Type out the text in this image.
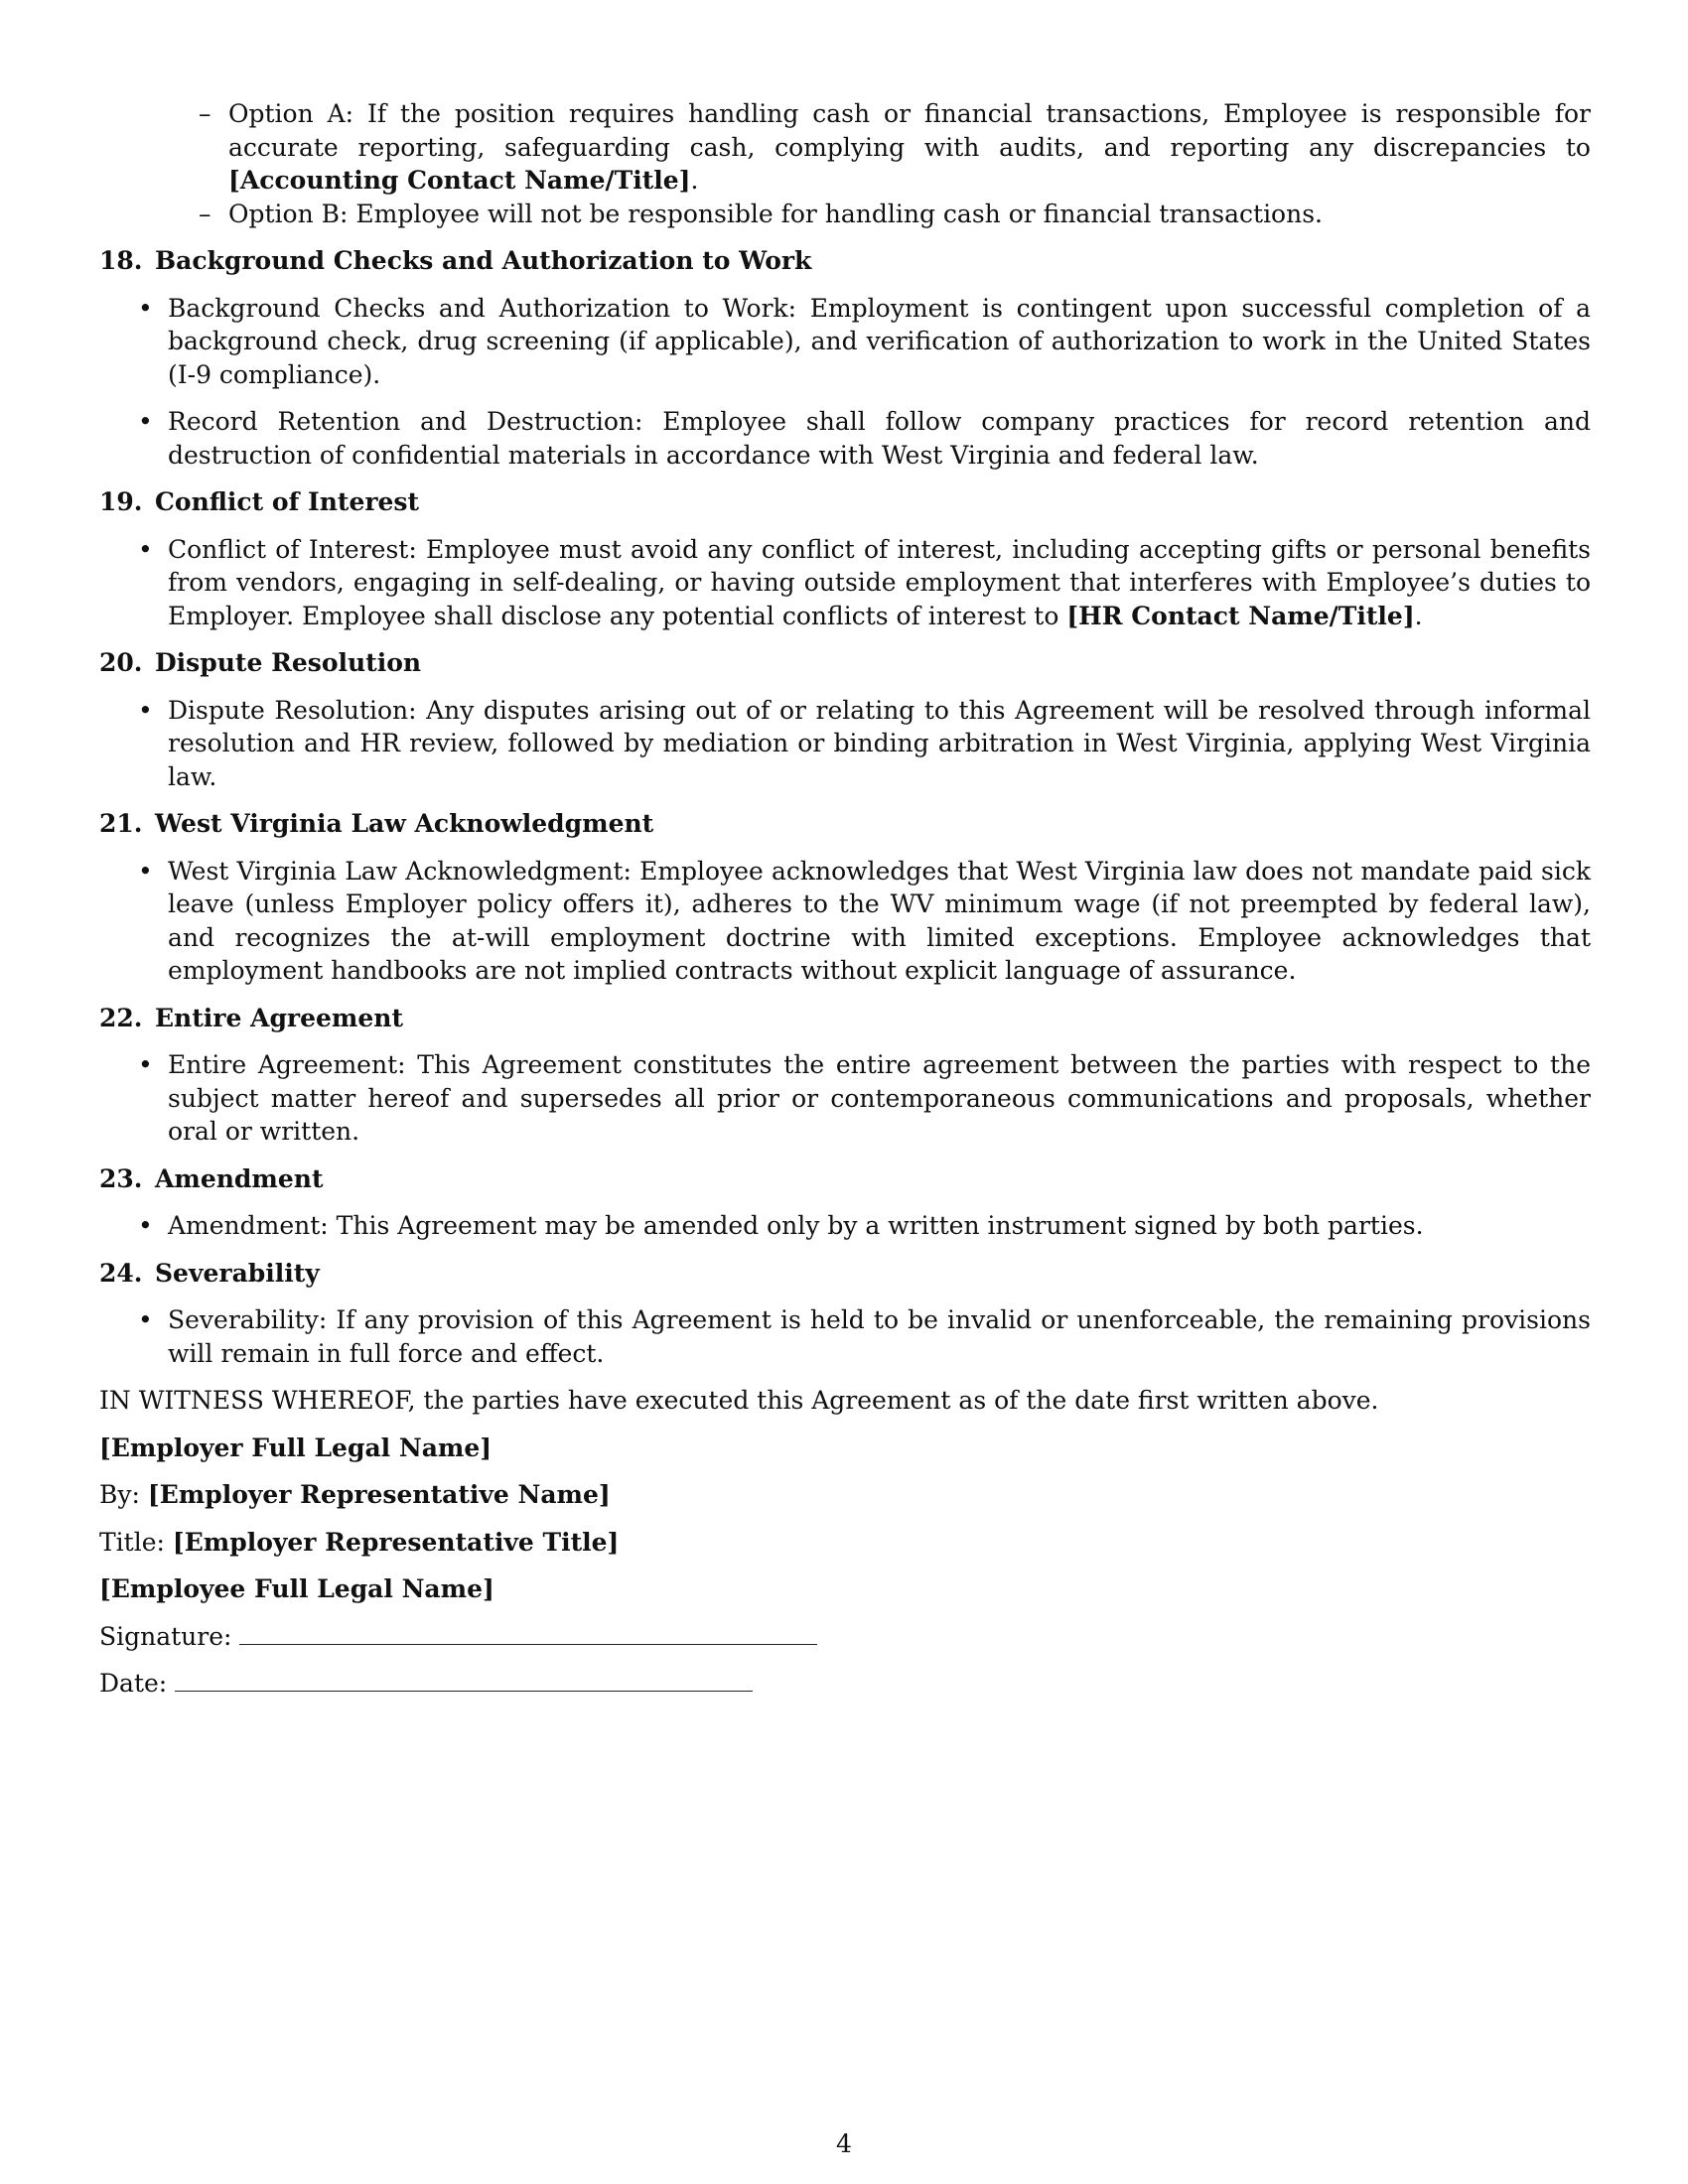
– Option A: If the position requires handling cash or financial transactions, Employee is responsible for accurate reporting, safeguarding cash, complying with audits, and reporting any discrepancies to [Accounting Contact Name/Title].
– Option B: Employee will not be responsible for handling cash or financial transactions.
18. Background Checks and Authorization to Work
• Background Checks and Authorization to Work: Employment is contingent upon successful completion of a background check, drug screening (if applicable), and verification of authorization to work in the United States (I-9 compliance).
• Record Retention and Destruction: Employee shall follow company practices for record retention and destruction of confidential materials in accordance with West Virginia and federal law.
19. Conflict of Interest
• Conflict of Interest: Employee must avoid any conflict of interest, including accepting gifts or personal benefits from vendors, engaging in self-dealing, or having outside employment that interferes with Employee’s duties to Employer. Employee shall disclose any potential conflicts of interest to [HR Contact Name/Title].
20. Dispute Resolution
• Dispute Resolution: Any disputes arising out of or relating to this Agreement will be resolved through informal resolution and HR review, followed by mediation or binding arbitration in West Virginia, applying West Virginia law.
21. West Virginia Law Acknowledgment
• West Virginia Law Acknowledgment: Employee acknowledges that West Virginia law does not mandate paid sick leave (unless Employer policy offers it), adheres to the WV minimum wage (if not preempted by federal law), and recognizes the at-will employment doctrine with limited exceptions. Employee acknowledges that employment handbooks are not implied contracts without explicit language of assurance.
22. Entire Agreement
• Entire Agreement: This Agreement constitutes the entire agreement between the parties with respect to the subject matter hereof and supersedes all prior or contemporaneous communications and proposals, whether oral or written.
23. Amendment
• Amendment: This Agreement may be amended only by a written instrument signed by both parties.
24. Severability
• Severability: If any provision of this Agreement is held to be invalid or unenforceable, the remaining provisions will remain in full force and effect.

IN WITNESS WHEREOF, the parties have executed this Agreement as of the date first written above.

[Employer Full Legal Name]

By: [Employer Representative Name]

Title: [Employer Representative Title]

[Employee Full Legal Name]

Signature:

Date:

4
